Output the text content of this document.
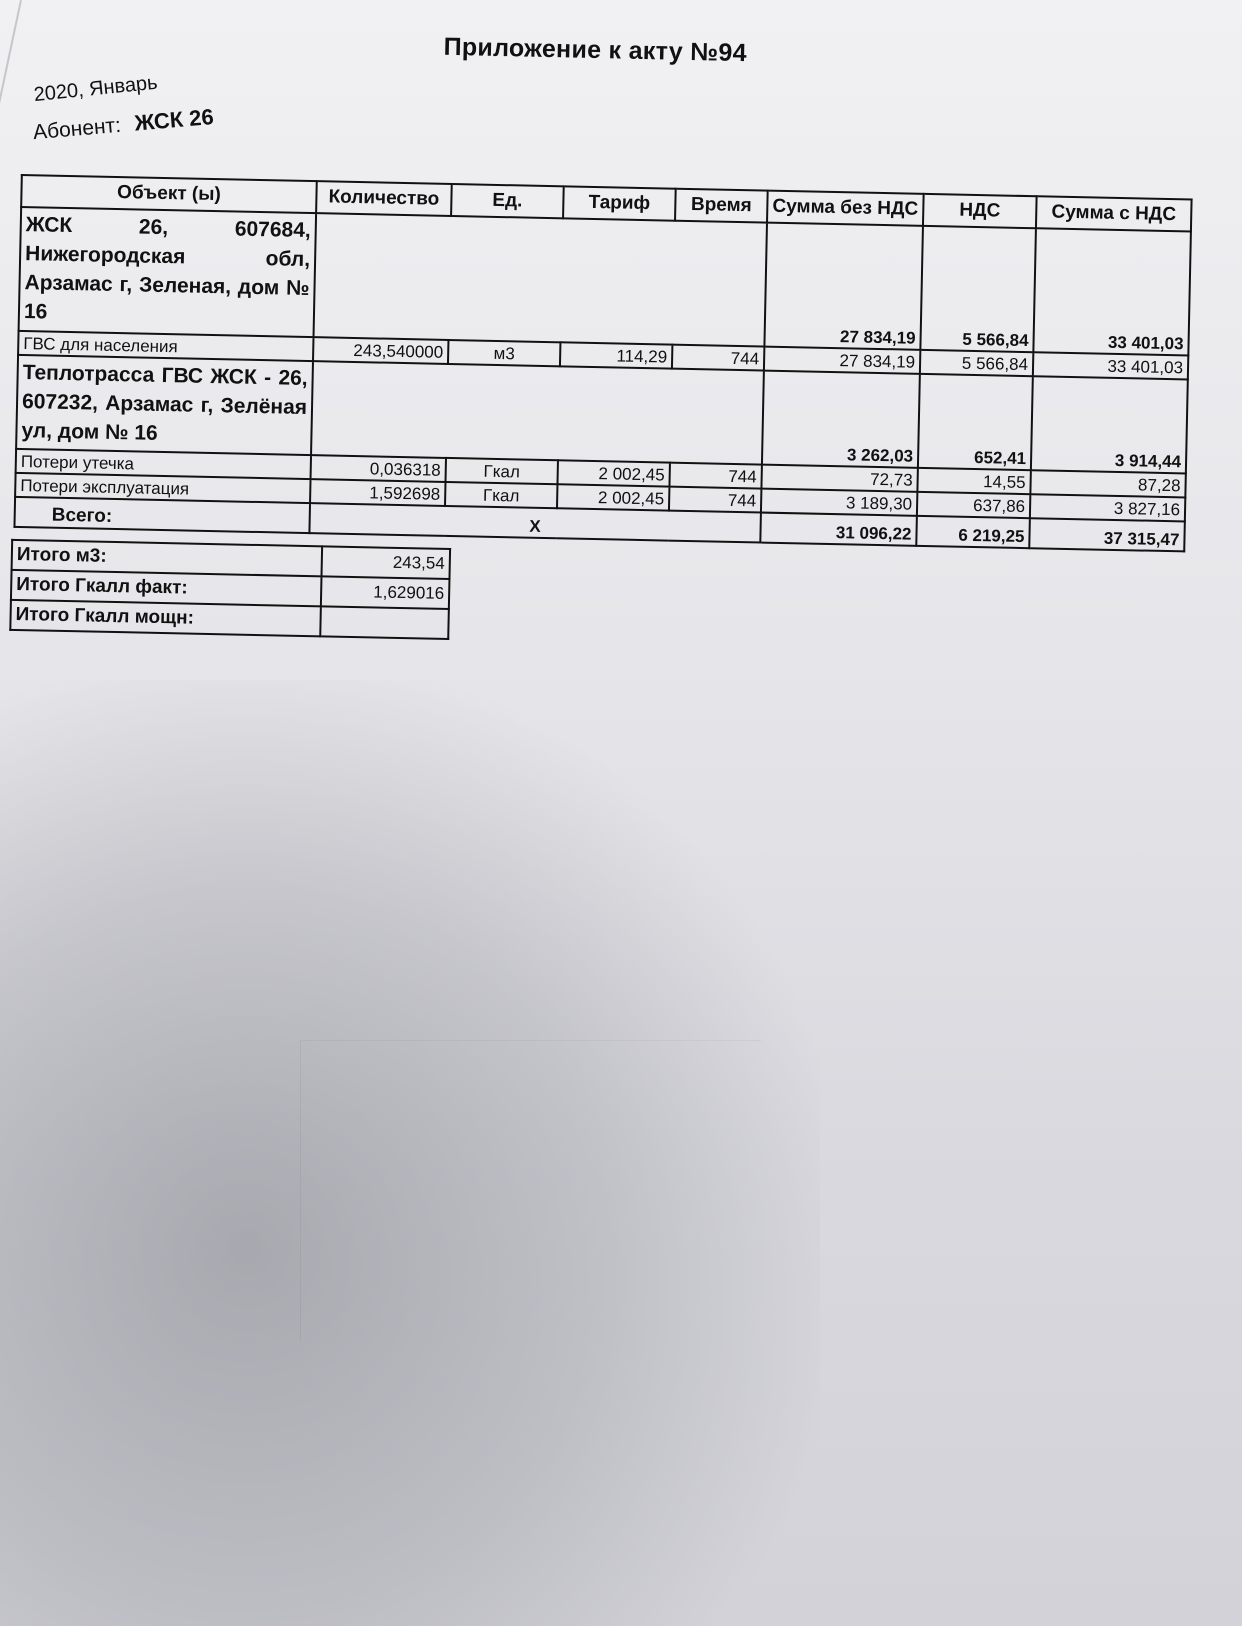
Приложение к акту №94
2020, Январь
Абонент: ЖСК 26
Объект (ы)	Количество	Ед.	Тариф	Время	Сумма без НДС	НДС	Сумма с НДС
ЖСК 26, 607684, Нижегородская обл, Арзамас г, Зеленая, дом № 16					27 834,19	5 566,84	33 401,03
ГВС для населения	243,540000	м3	114,29	744	27 834,19	5 566,84	33 401,03
Теплотрасса ГВС ЖСК - 26, 607232, Арзамас г, Зелёная ул, дом № 16					3 262,03	652,41	3 914,44
Потери утечка	0,036318	Гкал	2 002,45	744	72,73	14,55	87,28
Потери эксплуатация	1,592698	Гкал	2 002,45	744	3 189,30	637,86	3 827,16
Всего:	Х				31 096,22	6 219,25	37 315,47
Итого м3:	243,54
Итого Гкалл факт:	1,629016
Итого Гкалл мощн:	
